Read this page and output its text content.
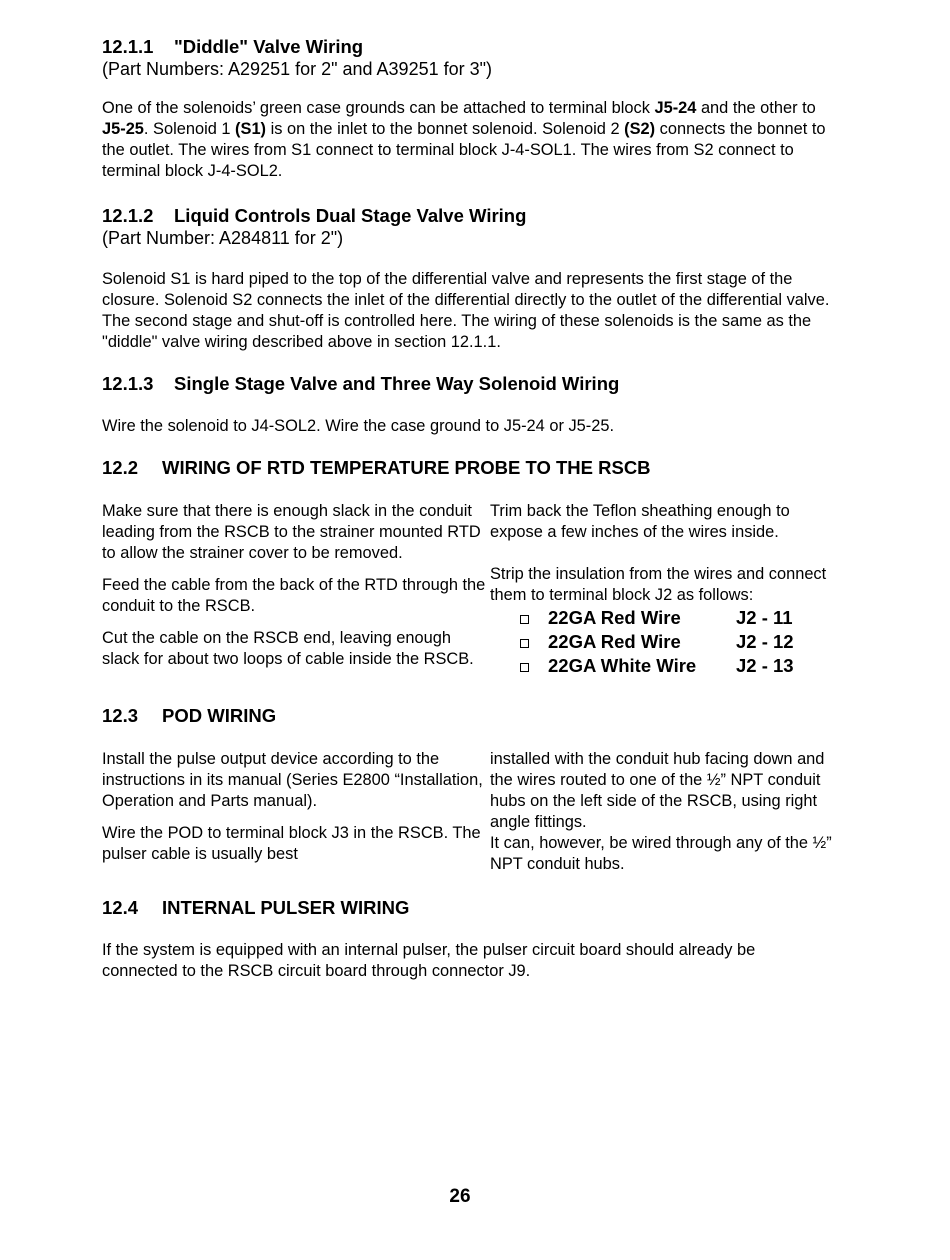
12.1.1 "Diddle" Valve Wiring
(Part Numbers: A29251 for 2" and A39251 for 3")

One of the solenoids’ green case grounds can be attached to terminal block J5-24 and the other to J5-25. Solenoid 1 (S1) is on the inlet to the bonnet solenoid. Solenoid 2 (S2) connects the bonnet to the outlet. The wires from S1 connect to terminal block J-4-SOL1. The wires from S2 connect to terminal block J-4-SOL2.

12.1.2 Liquid Controls Dual Stage Valve Wiring
(Part Number: A284811 for 2")

Solenoid S1 is hard piped to the top of the differential valve and represents the first stage of the closure. Solenoid S2 connects the inlet of the differential directly to the outlet of the differential valve. The second stage and shut-off is controlled here. The wiring of these solenoids is the same as the "diddle" valve wiring described above in section 12.1.1.

12.1.3 Single Stage Valve and Three Way Solenoid Wiring

Wire the solenoid to J4-SOL2. Wire the case ground to J5-24 or J5-25.

12.2 WIRING OF RTD TEMPERATURE PROBE TO THE RSCB

Make sure that there is enough slack in the conduit leading from the RSCB to the strainer mounted RTD to allow the strainer cover to be removed.

Feed the cable from the back of the RTD through the conduit to the RSCB.

Cut the cable on the RSCB end, leaving enough slack for about two loops of cable inside the RSCB.

Trim back the Teflon sheathing enough to expose a few inches of the wires inside.

Strip the insulation from the wires and connect them to terminal block J2 as follows:

22GA Red Wire	J2 - 11
22GA Red Wire	J2 - 12
22GA White Wire	J2 - 13
12.3 POD WIRING

Install the pulse output device according to the instructions in its manual (Series E2800 “Installation, Operation and Parts manual).

Wire the POD to terminal block J3 in the RSCB. The pulser cable is usually best

installed with the conduit hub facing down and the wires routed to one of the ½” NPT conduit hubs on the left side of the RSCB, using right angle fittings.

It can, however, be wired through any of the ½” NPT conduit hubs.

12.4 INTERNAL PULSER WIRING

If the system is equipped with an internal pulser, the pulser circuit board should already be connected to the RSCB circuit board through connector J9.

26
